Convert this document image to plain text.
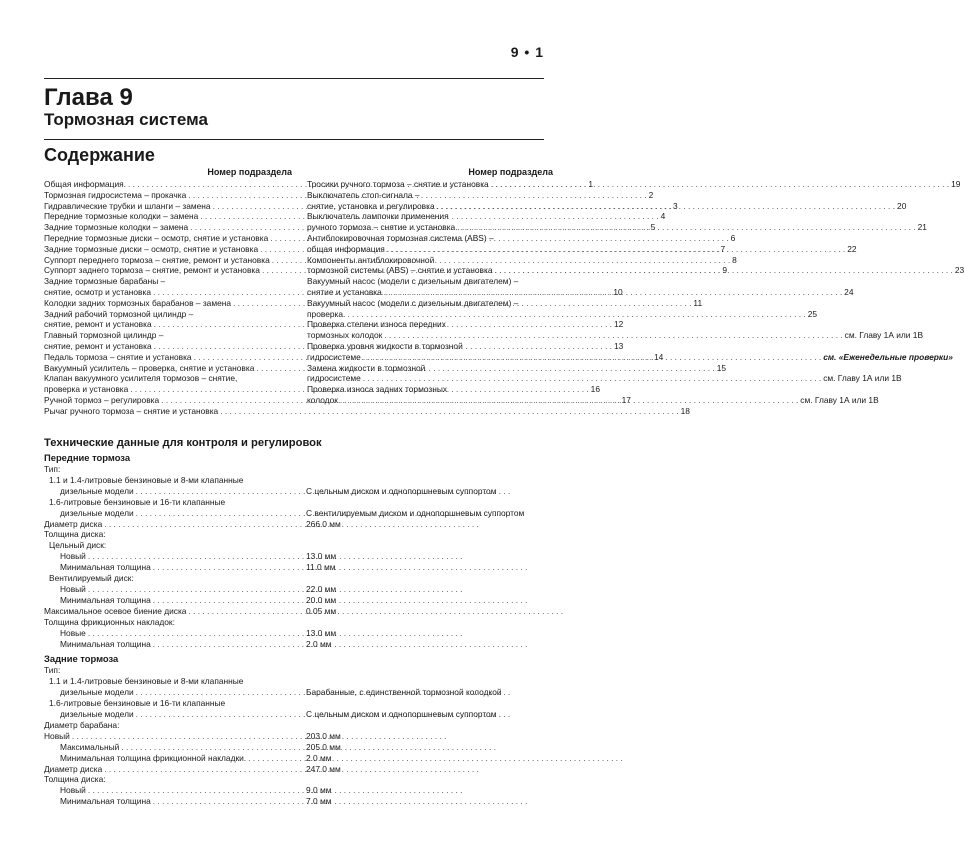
9 • 1
Глава 9
Тормозная система
Содержание
Номер подраздела
Общая информация. . . .	1
Тормозная гидросистема – прокачка . . .	2
Гидравлические трубки и шланги – замена . . .	3
Передние тормозные колодки – замена . . .	4
Задние тормозные колодки – замена . . .	5
Передние тормозные диски – осмотр, снятие и установка . . .	6
Задние тормозные диски – осмотр, снятие и установка . . .	7
Суппорт переднего тормоза – снятие, ремонт и установка . . .	8
Суппорт заднего тормоза – снятие, ремонт и установка . . .	9
Задние тормозные барабаны –
снятие, осмотр и установка . . .	10
Колодки задних тормозных барабанов – замена . . .	11
Задний рабочий тормозной цилиндр –
снятие, ремонт и установка . . .	12
Главный тормозной цилиндр –
снятие, ремонт и установка . . .	13
Педаль тормоза – снятие и установка . . .	14
Вакуумный усилитель – проверка, снятие и установка . . .	15
Клапан вакуумного усилителя тормозов – снятие,
проверка и установка . . .	16
Ручной тормоз – регулировка . . .	17
Рычаг ручного тормоза – снятие и установка . . .	18
Номер подраздела
Тросики ручного тормоза – снятие и установка . . .	19
Выключатель стоп-сигнала –
снятие, установка и регулировка . . .	20
Выключатель лампочки применения
ручного тормоза – снятие и установка . . .	21
Антиблокировочная тормозная система (ABS) –
общая информация . . .	22
Компоненты антиблокировочной
тормозной системы (ABS) – снятие и установка . . .	23
Вакуумный насос (модели с дизельным двигателем) –
снятие и установка . . .	24
Вакуумный насос (модели с дизельным двигателем) –
проверка. . . .	25
Проверка степени износа передних
тормозных колодок . . .	см. Главу 1А или 1В
Проверка уровня жидкости в тормозной
гидросистеме . . .	см. «Еженедельные проверки»
Замена жидкости в тормозной
гидросистеме . . .	см. Главу 1А или 1В
Проверка износа задних тормозных
колодок . . .	см. Главу 1А или 1В
Технические данные для контроля и регулировок
Передние тормоза
Тип:
1.1 и 1.4-литровые бензиновые и 8-ми клапанные
дизельные модели . . .	С цельным диском и однопоршневым суппортом
1.6-литровые бензиновые и 16-ти клапанные
дизельные модели . . .	С вентилируемым диском и однопоршневым суппортом
Диаметр диска . . .	266.0 мм
Толщина диска:
Цельный диск:
Новый . . .	13.0 мм
Минимальная толщина . . .	11.0 мм
Вентилируемый диск:
Новый . . .	22.0 мм
Минимальная толщина . . .	20.0 мм
Максимальное осевое биение диска . . .	0.05 мм
Толщина фрикционных накладок:
Новые . . .	13.0 мм
Минимальная толщина . . .	2.0 мм
Задние тормоза
Тип:
1.1 и 1.4-литровые бензиновые и 8-ми клапанные
дизельные модели . . .	Барабанные, с единственной тормозной колодкой
1.6-литровые бензиновые и 16-ти клапанные
дизельные модели . . .	С цельным диском и однопоршневым суппортом
Диаметр барабана:
Новый . . .	203.0 мм
Максимальный . . .	205.0 мм
Минимальная толщина фрикционной накладки. . . .	2.0 мм
Диаметр диска . . .	247.0 мм
Толщина диска:
Новый . . .	9.0 мм
Минимальная толщина . . .	7.0 мм
